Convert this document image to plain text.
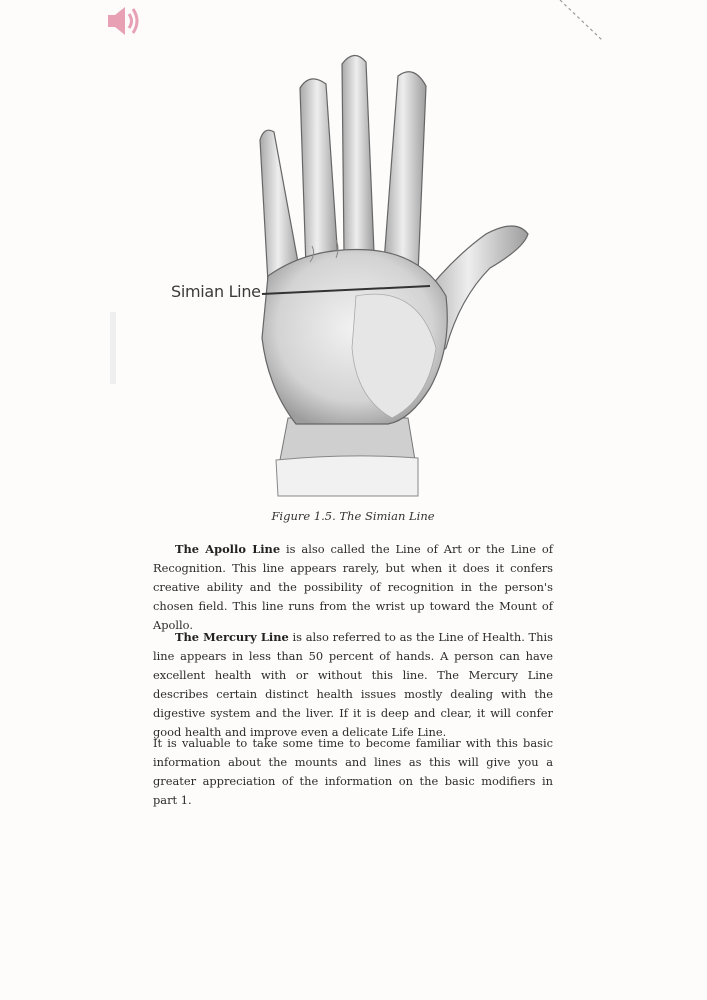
Simian Line
Figure 1.5. The Simian Line

The Apollo Line is also called the Line of Art or the Line of Recognition. This line appears rarely, but when it does it confers creative ability and the possibility of recognition in the person's chosen field. This line runs from the wrist up toward the Mount of Apollo.

The Mercury Line is also referred to as the Line of Health. This line appears in less than 50 percent of hands. A person can have excellent health with or without this line. The Mercury Line describes certain distinct health issues mostly dealing with the digestive system and the liver. If it is deep and clear, it will confer good health and improve even a delicate Life Line.

It is valuable to take some time to become familiar with this basic information about the mounts and lines as this will give you a greater appreciation of the information on the basic modifiers in part 1.
